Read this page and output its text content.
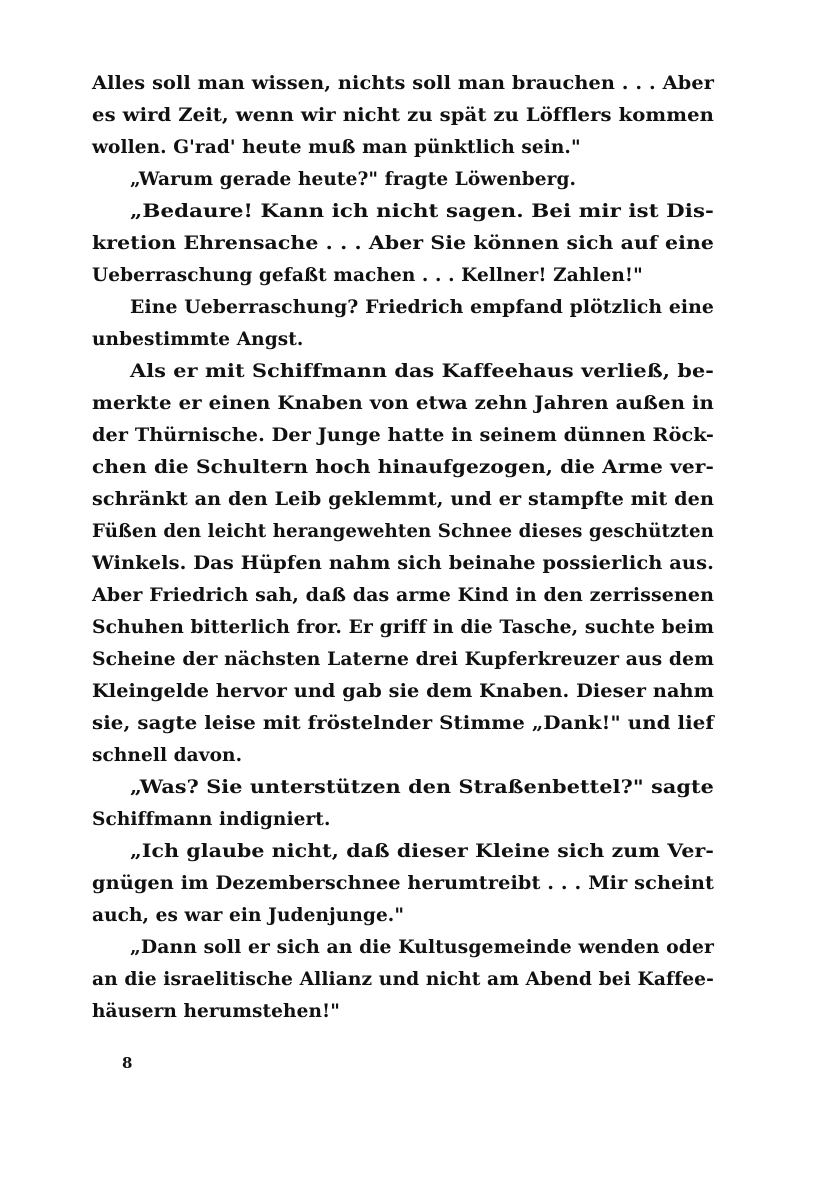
Alles soll man wissen, nichts soll man brauchen . . . Aber
es wird Zeit, wenn wir nicht zu spät zu Löfflers kommen
wollen. G'rad' heute muß man pünktlich sein."
„Warum gerade heute?" fragte Löwenberg.
„Bedaure! Kann ich nicht sagen. Bei mir ist Dis-
kretion Ehrensache . . . Aber Sie können sich auf eine
Ueberraschung gefaßt machen . . . Kellner! Zahlen!"
Eine Ueberraschung? Friedrich empfand plötzlich eine
unbestimmte Angst.
Als er mit Schiffmann das Kaffeehaus verließ, be-
merkte er einen Knaben von etwa zehn Jahren außen in
der Thürnische. Der Junge hatte in seinem dünnen Röck-
chen die Schultern hoch hinaufgezogen, die Arme ver-
schränkt an den Leib geklemmt, und er stampfte mit den
Füßen den leicht herangewehten Schnee dieses geschützten
Winkels. Das Hüpfen nahm sich beinahe possierlich aus.
Aber Friedrich sah, daß das arme Kind in den zerrissenen
Schuhen bitterlich fror. Er griff in die Tasche, suchte beim
Scheine der nächsten Laterne drei Kupferkreuzer aus dem
Kleingelde hervor und gab sie dem Knaben. Dieser nahm
sie, sagte leise mit fröstelnder Stimme „Dank!" und lief
schnell davon.
„Was? Sie unterstützen den Straßenbettel?" sagte
Schiffmann indigniert.
„Ich glaube nicht, daß dieser Kleine sich zum Ver-
gnügen im Dezemberschnee herumtreibt . . . Mir scheint
auch, es war ein Judenjunge."
„Dann soll er sich an die Kultusgemeinde wenden oder
an die israelitische Allianz und nicht am Abend bei Kaffee-
häusern herumstehen!"
8
